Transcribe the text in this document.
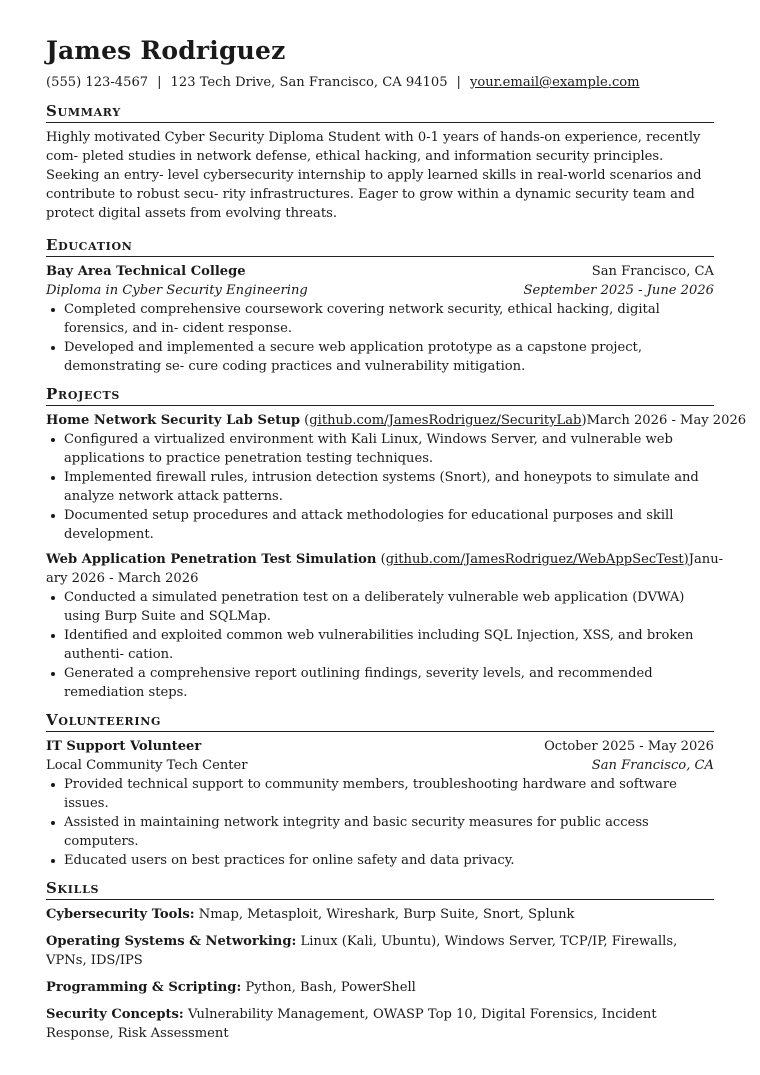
James Rodriguez
(555) 123-4567 | 123 Tech Drive, San Francisco, CA 94105 | your.email@example.com
Summary
Highly motivated Cyber Security Diploma Student with 0-1 years of hands-on experience, recently com- pleted studies in network defense, ethical hacking, and information security principles. Seeking an entry- level cybersecurity internship to apply learned skills in real-world scenarios and contribute to robust secu- rity infrastructures. Eager to grow within a dynamic security team and protect digital assets from evolving threats.
Education
Bay Area Technical College	San Francisco, CA
Diploma in Cyber Security Engineering	September 2025 - June 2026
Completed comprehensive coursework covering network security, ethical hacking, digital forensics, and in- cident response.
Developed and implemented a secure web application prototype as a capstone project, demonstrating se- cure coding practices and vulnerability mitigation.
Projects
Home Network Security Lab Setup (github.com/JamesRodriguez/SecurityLab) March 2026 - May 2026
Configured a virtualized environment with Kali Linux, Windows Server, and vulnerable web applications to practice penetration testing techniques.
Implemented firewall rules, intrusion detection systems (Snort), and honeypots to simulate and analyze network attack patterns.
Documented setup procedures and attack methodologies for educational purposes and skill development.
Web Application Penetration Test Simulation (github.com/JamesRodriguez/WebAppSecTest) Janu-
ary 2026 - March 2026
Conducted a simulated penetration test on a deliberately vulnerable web application (DVWA) using Burp Suite and SQLMap.
Identified and exploited common web vulnerabilities including SQL Injection, XSS, and broken authenti- cation.
Generated a comprehensive report outlining findings, severity levels, and recommended remediation steps.
Volunteering
IT Support Volunteer	October 2025 - May 2026
Local Community Tech Center	San Francisco, CA
Provided technical support to community members, troubleshooting hardware and software issues.
Assisted in maintaining network integrity and basic security measures for public access computers.
Educated users on best practices for online safety and data privacy.
Skills
Cybersecurity Tools: Nmap, Metasploit, Wireshark, Burp Suite, Snort, Splunk
Operating Systems & Networking: Linux (Kali, Ubuntu), Windows Server, TCP/IP, Firewalls, VPNs, IDS/IPS
Programming & Scripting: Python, Bash, PowerShell
Security Concepts: Vulnerability Management, OWASP Top 10, Digital Forensics, Incident Response, Risk Assessment
